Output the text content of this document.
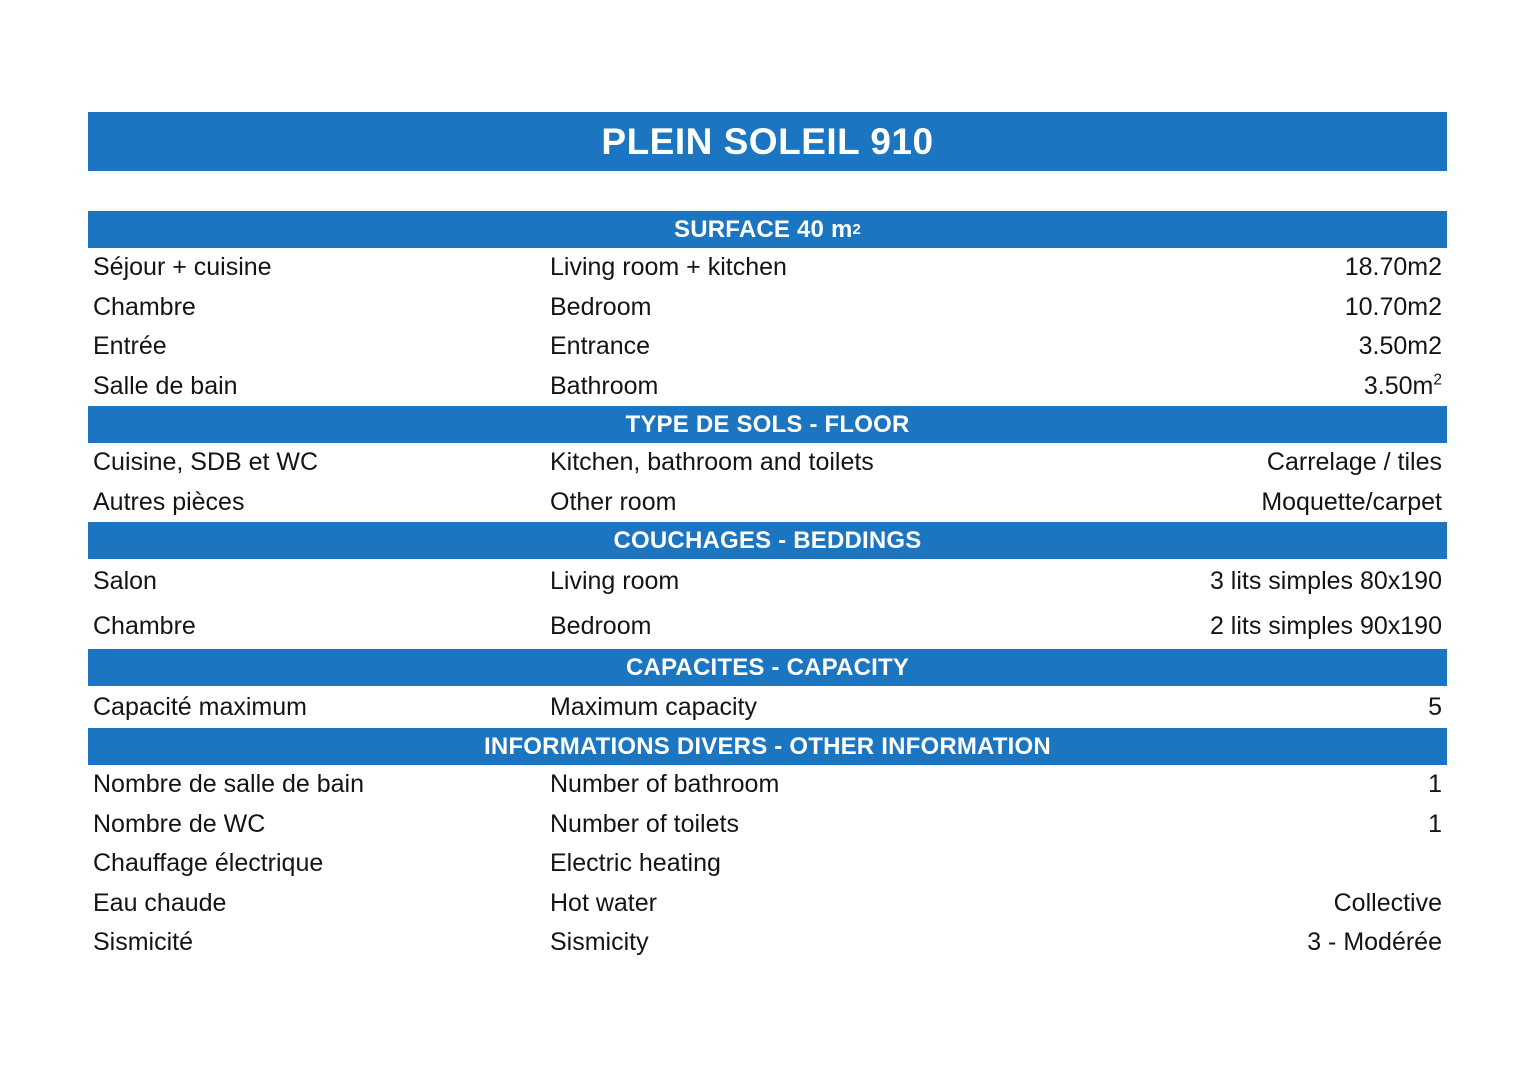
PLEIN SOLEIL 910
SURFACE 40 m 2
Séjour + cuisine	Living room + kitchen	18.70m2
Chambre	Bedroom	10.70m2
Entrée	Entrance	3.50m2
Salle de bain	Bathroom	$3.50m^2$
TYPE DE SOLS - FLOOR
Cuisine, SDB et WC	Kitchen, bathroom and toilets	Carrelage / tiles
Autres pièces	Other room	Moquette/carpet
COUCHAGES - BEDDINGS
Salon	Living room	3 lits simples 80x190
Chambre	Bedroom	2 lits simples 90x190
CAPACITES - CAPACITY
Capacité maximum	Maximum capacity	5
INFORMATIONS DIVERS - OTHER INFORMATION
Nombre de salle de bain	Number of bathroom	1
Nombre de WC	Number of toilets	1
Chauffage électrique	Electric heating
Eau chaude	Hot water	Collective
Sismicité	Sismicity	3 - Modérée
